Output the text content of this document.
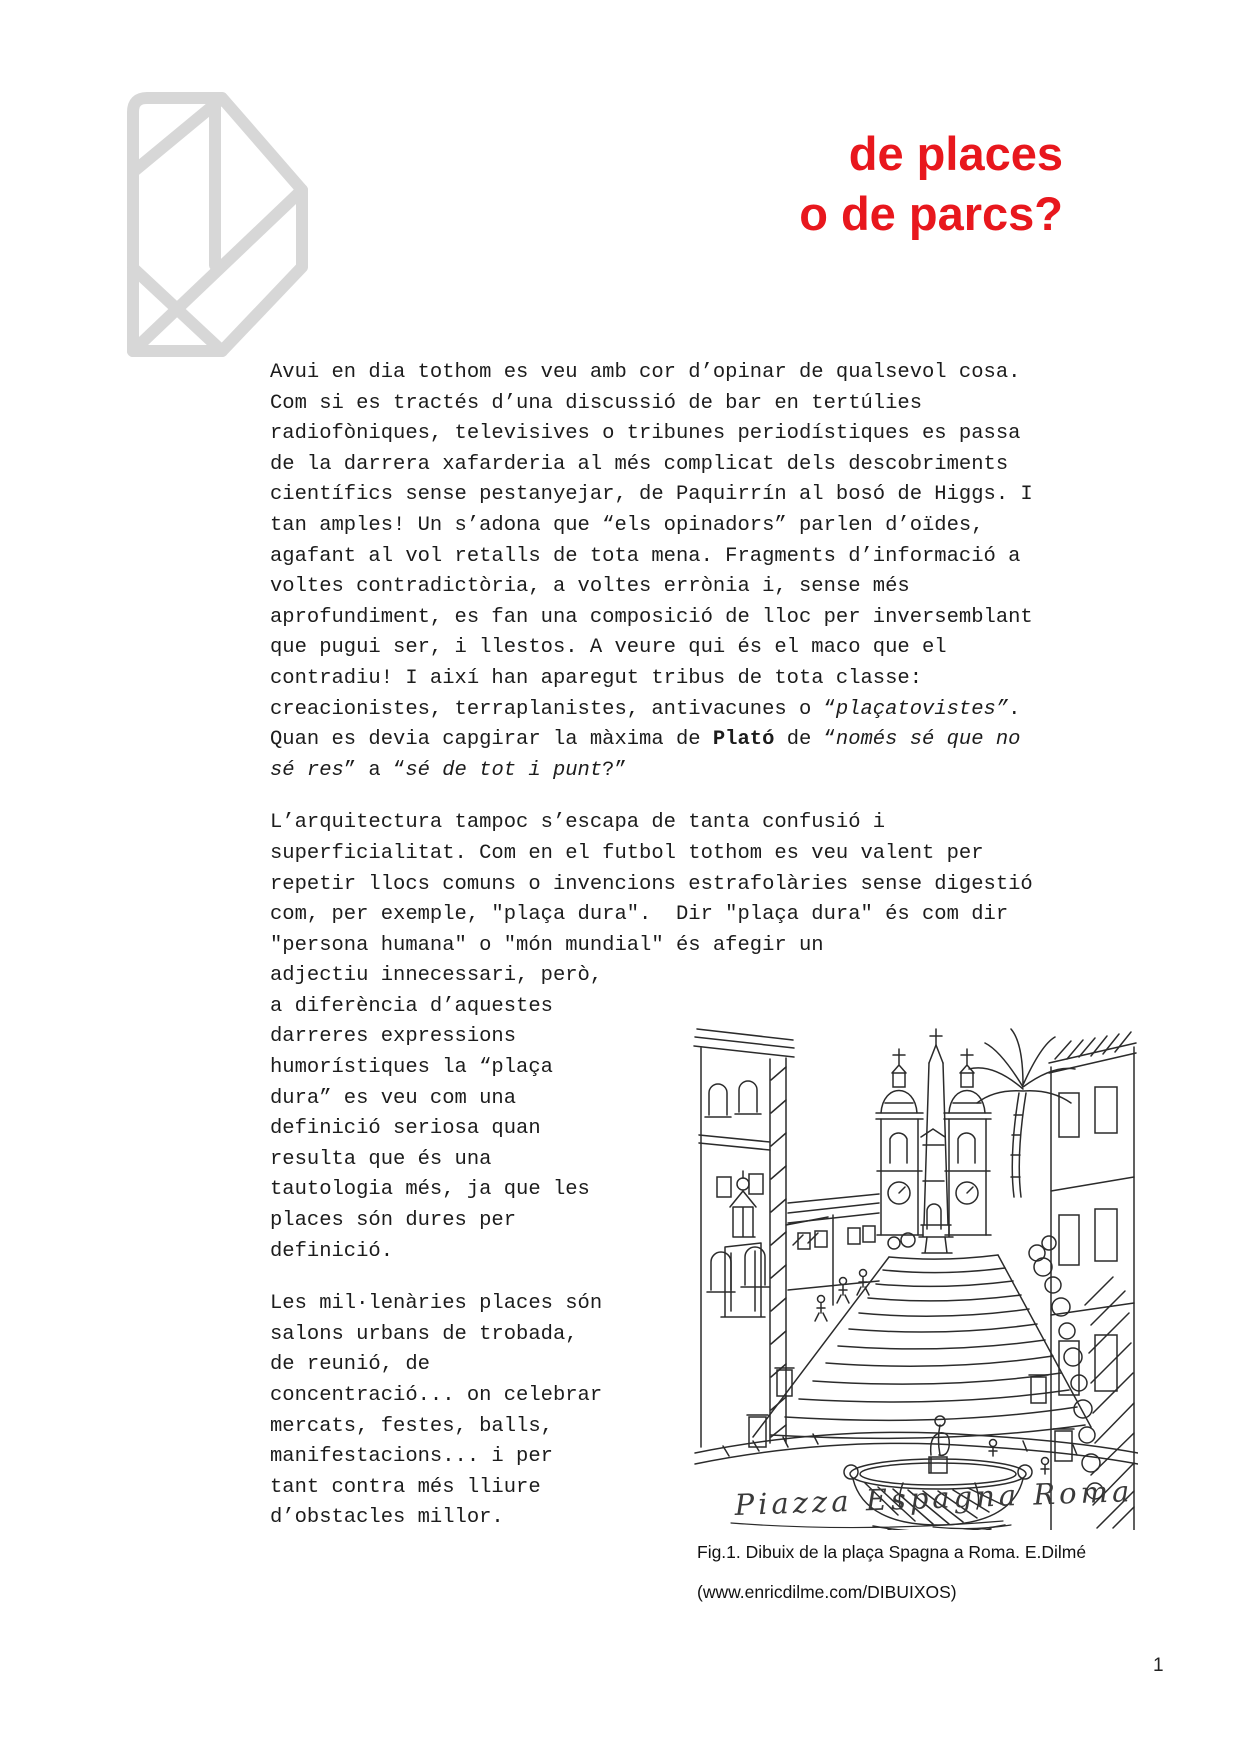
de places
o de parcs?
Avui en dia tothom es veu amb cor d’opinar de qualsevol cosa.
Com si es tractés d’una discussió de bar en tertúlies
radiofòniques, televisives o tribunes periodístiques es passa
de la darrera xafarderia al més complicat dels descobriments
científics sense pestanyejar, de Paquirrín al bosó de Higgs. I
tan amples! Un s’adona que “els opinadors” parlen d’oïdes,
agafant al vol retalls de tota mena. Fragments d’informació a
voltes contradictòria, a voltes errònia i, sense més
aprofundiment, es fan una composició de lloc per inversemblant
que pugui ser, i llestos. A veure qui és el maco que el
contradiu! I així han aparegut tribus de tota classe:
creacionistes, terraplanistes, antivacunes o “plaçatovistes”.
Quan es devia capgirar la màxima de Plató de “només sé que no
sé res” a “sé de tot i punt?”
L’arquitectura tampoc s’escapa de tanta confusió i
superficialitat. Com en el futbol tothom es veu valent per
repetir llocs comuns o invencions estrafolàries sense digestió
com, per exemple, "plaça dura".  Dir "plaça dura" és com dir
"persona humana" o "món mundial" és afegir un
adjectiu innecessari, però,
a diferència d’aquestes
darreres expressions
humorístiques la “plaça
dura” es veu com una
definició seriosa quan
resulta que és una
tautologia més, ja que les
places són dures per
definició.
Les mil·lenàries places són
salons urbans de trobada,
de reunió, de
concentració... on celebrar
mercats, festes, balls,
manifestacions... i per
tant contra més lliure
d’obstacles millor.	Piazza Espagna Roma
Fig.1. Dibuix de la plaça Spagna a Roma. E.Dilmé
(www.enricdilme.com/DIBUIXOS)
1
